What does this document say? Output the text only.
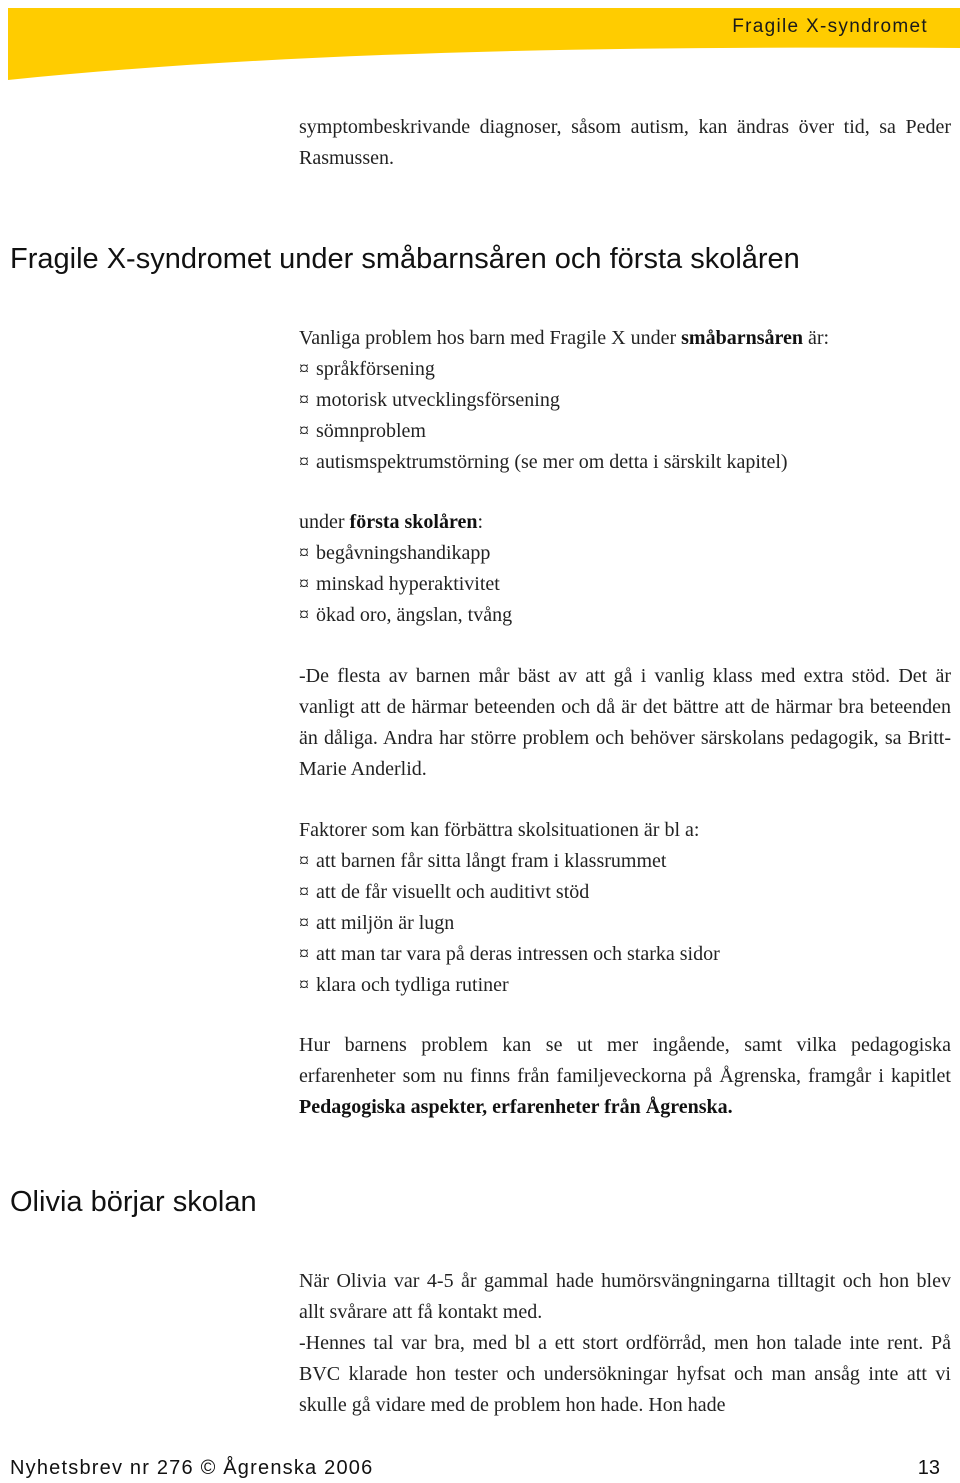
Fragile X-syndromet

symptombeskrivande diagnoser, såsom autism, kan ändras över tid, sa Peder Rasmussen.

Fragile X-syndromet under småbarnsåren och första skolåren

Vanliga problem hos barn med Fragile X under småbarnsåren är:

¤ språkförsening
¤ motorisk utvecklingsförsening
¤ sömnproblem
¤ autismspektrumstörning (se mer om detta i särskilt kapitel)

under första skolåren:

¤ begåvningshandikapp
¤ minskad hyperaktivitet
¤ ökad oro, ängslan, tvång

-De flesta av barnen mår bäst av att gå i vanlig klass med extra stöd. Det är vanligt att de härmar beteenden och då är det bättre att de härmar bra beteenden än dåliga. Andra har större problem och behöver särskolans pedagogik, sa Britt-Marie Anderlid.

Faktorer som kan förbättra skolsituationen är bl a:

¤ att barnen får sitta långt fram i klassrummet
¤ att de får visuellt och auditivt stöd
¤ att miljön är lugn
¤ att man tar vara på deras intressen och starka sidor
¤ klara och tydliga rutiner

Hur barnens problem kan se ut mer ingående, samt vilka pedagogiska erfarenheter som nu finns från familjeveckorna på Ågrenska, framgår i kapitlet Pedagogiska aspekter, erfarenheter från Ågrenska.

Olivia börjar skolan

När Olivia var 4-5 år gammal hade humörsvängningarna tilltagit och hon blev allt svårare att få kontakt med.

-Hennes tal var bra, med bl a ett stort ordförråd, men hon talade inte rent. På BVC klarade hon tester och undersökningar hyfsat och man ansåg inte att vi skulle gå vidare med de problem hon hade. Hon hade

Nyhetsbrev nr 276 © Ågrenska 2006	13
